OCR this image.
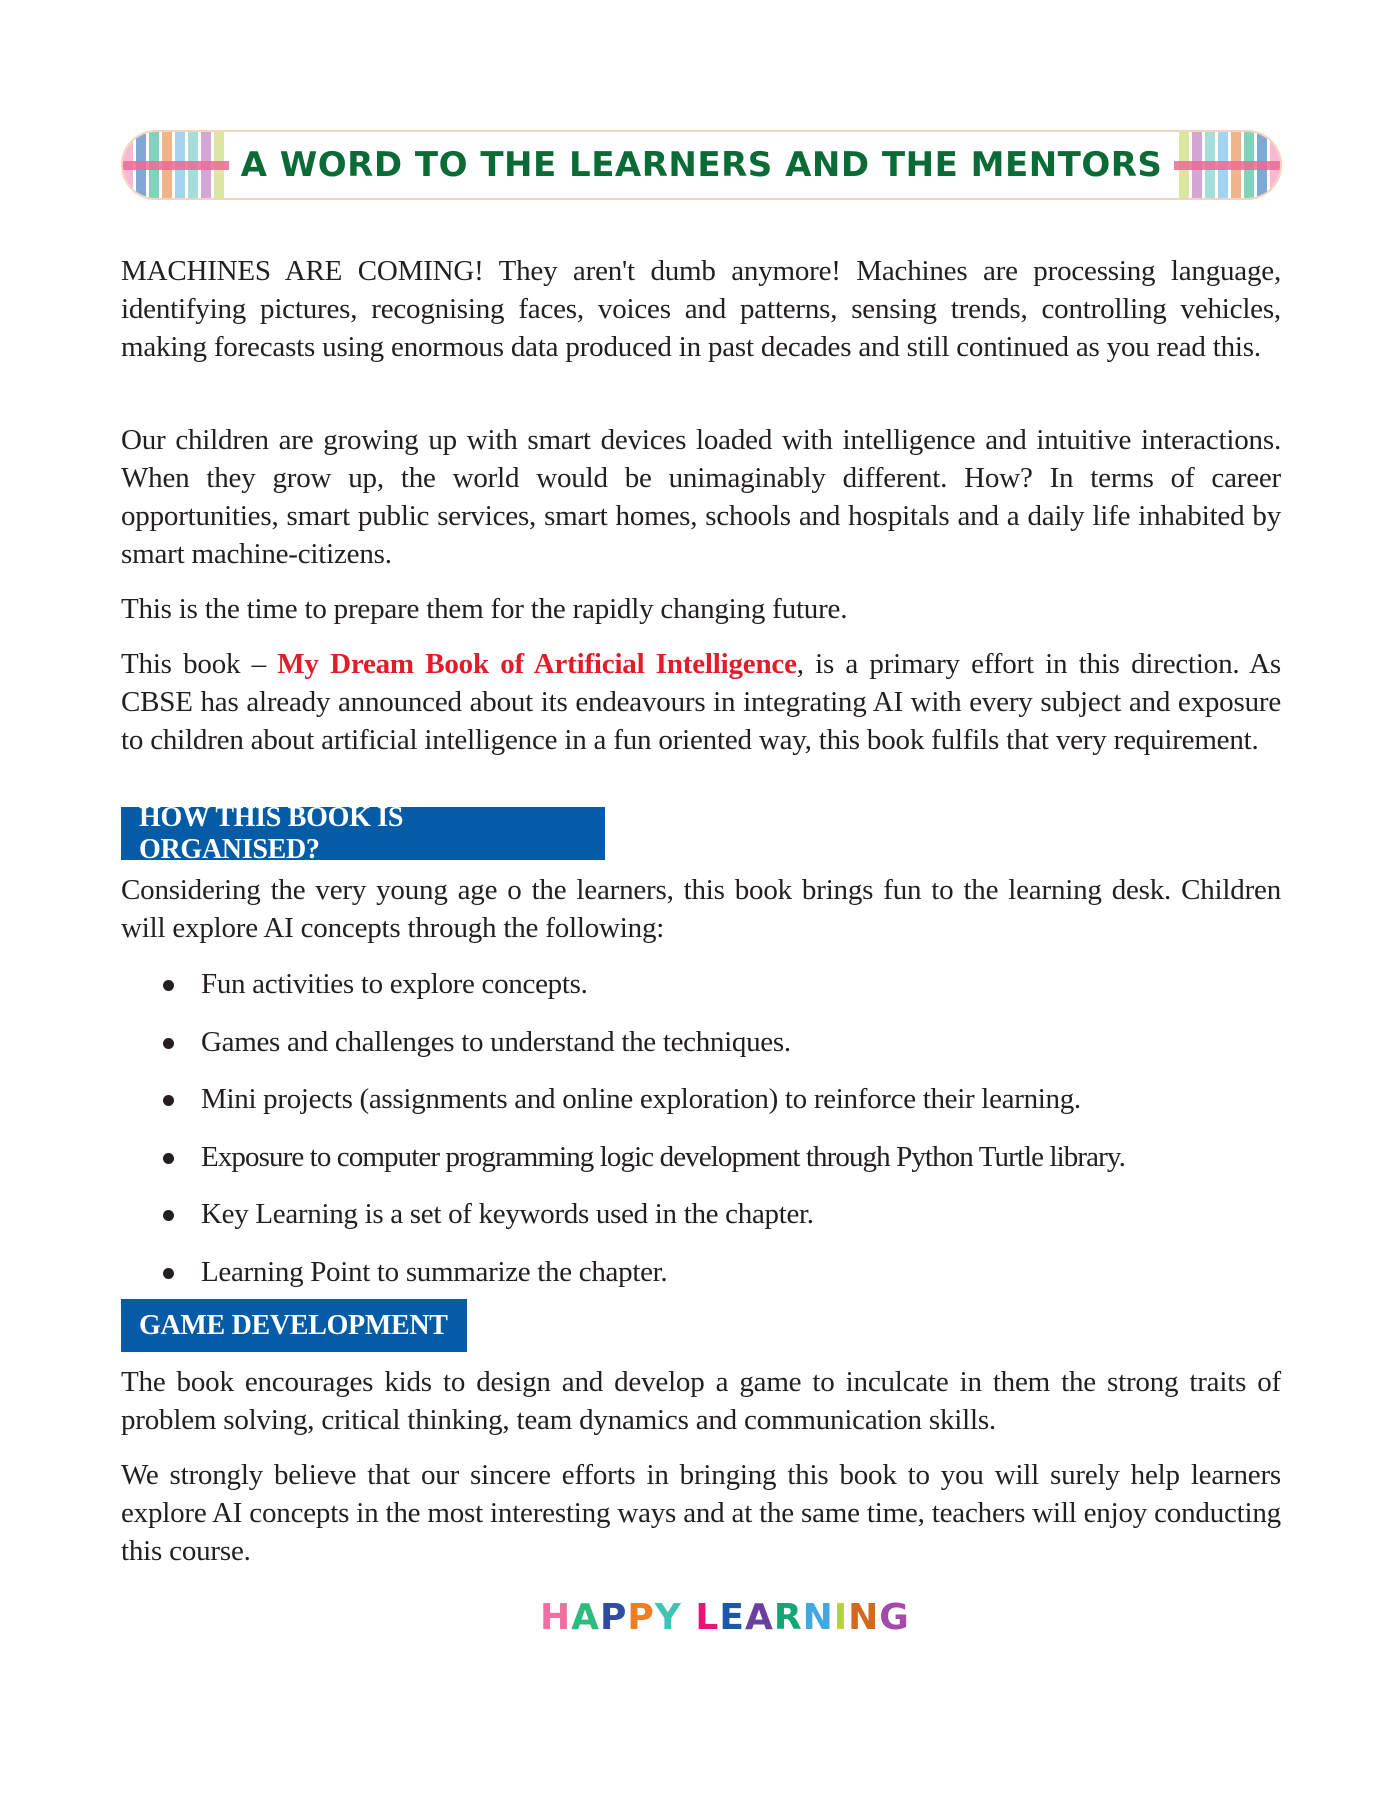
A WORD TO THE LEARNERS AND THE MENTORS

MACHINES ARE COMING! They aren't dumb anymore! Machines are processing language, identifying pictures, recognising faces, voices and patterns, sensing trends, controlling vehicles, making forecasts using enormous data produced in past decades and still continued as you read this.

Our children are growing up with smart devices loaded with intelligence and intuitive interactions. When they grow up, the world would be unimaginably different. How? In terms of career opportunities, smart public services, smart homes, schools and hospitals and a daily life inhabited by smart machine-citizens.

This is the time to prepare them for the rapidly changing future.

This book – My Dream Book of Artificial Intelligence, is a primary effort in this direction. As CBSE has already announced about its endeavours in integrating AI with every subject and exposure to children about artificial intelligence in a fun oriented way, this book fulfils that very requirement.

HOW THIS BOOK IS ORGANISED?

Considering the very young age o the learners, this book brings fun to the learning desk. Children will explore AI concepts through the following:

Fun activities to explore concepts.
Games and challenges to understand the techniques.
Mini projects (assignments and online exploration) to reinforce their learning.
Exposure to computer programming logic development through Python Turtle library.
Key Learning is a set of keywords used in the chapter.
Learning Point to summarize the chapter.
GAME DEVELOPMENT

The book encourages kids to design and develop a game to inculcate in them the strong traits of problem solving, critical thinking, team dynamics and communication skills.

We strongly believe that our sincere efforts in bringing this book to you will surely help learners explore AI concepts in the most interesting ways and at the same time, teachers will enjoy conducting this course.

HAPPY LEARNING
